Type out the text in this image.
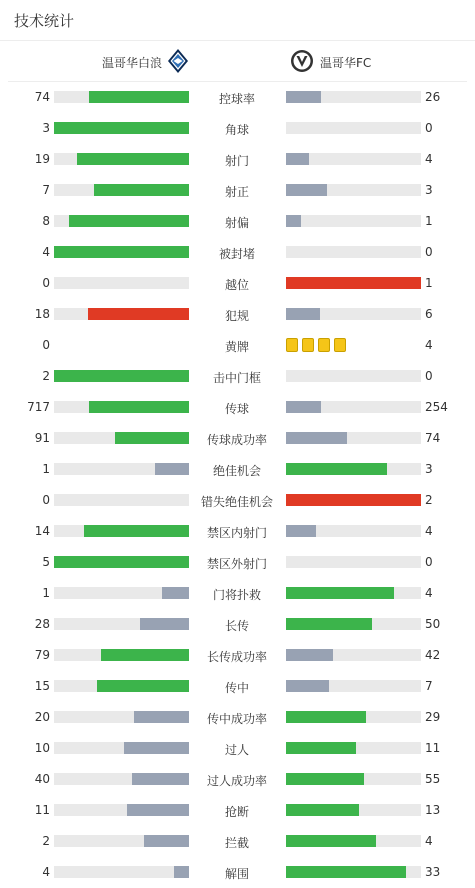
技术统计
温哥华白浪	温哥华FC
74	控球率	26
3	角球	0
19	射门	4
7	射正	3
8	射偏	1
4	被封堵	0
0	越位	1
18	犯规	6
0	黄牌	4
2	击中门框	0
717	传球	254
91	传球成功率	74
1	绝佳机会	3
0	错失绝佳机会	2
14	禁区内射门	4
5	禁区外射门	0
1	门将扑救	4
28	长传	50
79	长传成功率	42
15	传中	7
20	传中成功率	29
10	过人	11
40	过人成功率	55
11	抢断	13
2	拦截	4
4	解围	33
